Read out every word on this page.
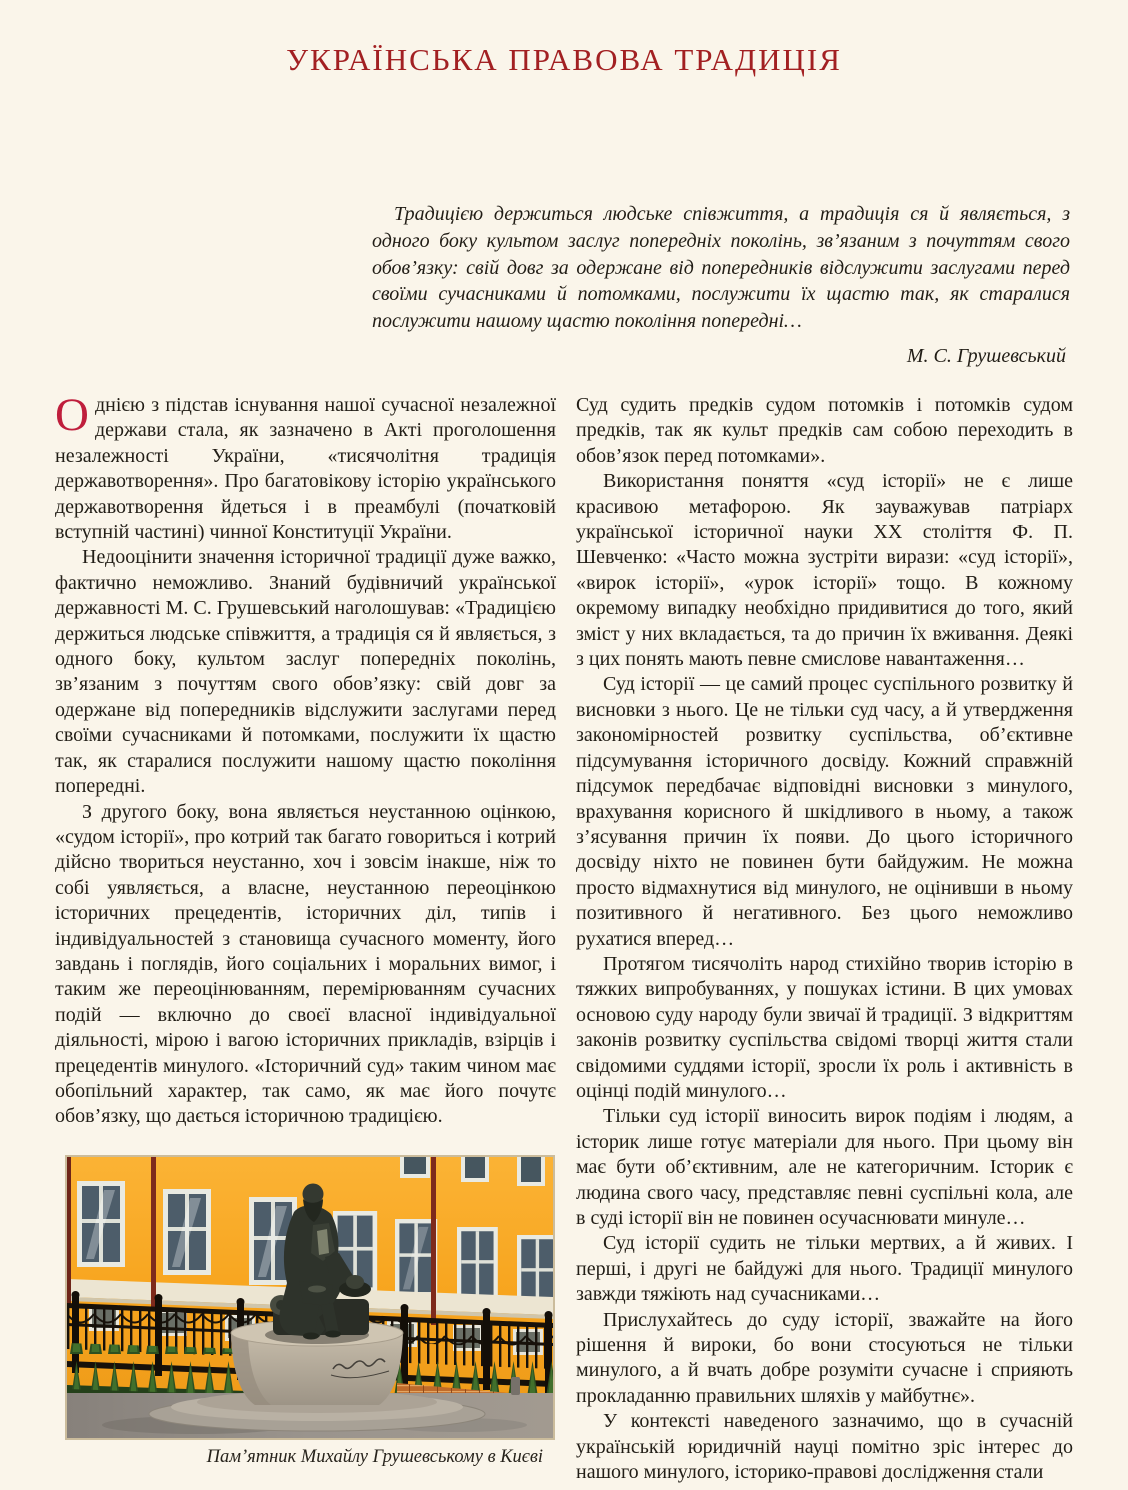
УКРАЇНСЬКА ПРАВОВА ТРАДИЦІЯ

Традицією держиться людське співжиття, а традиція ся й являється, з одного боку культом заслуг попередніх поколінь, зв’язаним з почуттям свого обов’язку: свій довг за одержане від попередників відслужити заслугами перед своїми сучасниками й потомками, послужити їх щастю так, як старалися послужити нашому щастю покоління попередні…

М. С. Грушевський

Однією з підстав існування нашої сучасної незалежної держави стала, як зазначено в Акті проголошення незалежності України, «тисячолітня традиція державотворення». Про багатовікову історію українського державотворення йдеться і в преамбулі (початковій вступній частині) чинної Конституції України.

Недооцінити значення історичної традиції дуже важко, фактично неможливо. Знаний будівничий української державності М. С. Грушевський наголошував: «Традицією держиться людське співжиття, а традиція ся й являється, з одного боку, культом заслуг попередніх поколінь, зв’язаним з почуттям свого обов’язку: свій довг за одержане від попередників відслужити заслугами перед своїми сучасниками й потомками, послужити їх щастю так, як старалися послужити нашому щастю покоління попередні.

З другого боку, вона являється неустанною оцінкою, «судом історії», про котрий так багато говориться і котрий дійсно твориться неустанно, хоч і зовсім інакше, ніж то собі уявляється, а власне, неустанною переоцінкою історичних прецедентів, історичних діл, типів і індивідуальностей з становища сучасного моменту, його завдань і поглядів, його соціальних і моральних вимог, і таким же переоцінюванням, перемірюванням сучасних подій — включно до своєї власної індивідуальної діяльності, мірою і вагою історичних прикладів, взірців і прецедентів минулого. «Історичний суд» таким чином має обопільний характер, так само, як має його почутє обов’язку, що дається історичною традицією.

Суд судить предків судом потомків і потомків судом предків, так як культ предків сам собою переходить в обов’язок перед потомками».

Використання поняття «суд історії» не є лише красивою метафорою. Як зауважував патріарх української історичної науки XX століття Ф. П. Шевченко: «Часто можна зустріти вирази: «суд історії», «вирок історії», «урок історії» тощо. В кожному окремому випадку необхідно придивитися до того, який зміст у них вкладається, та до причин їх вживання. Деякі з цих понять мають певне смислове навантаження…

Суд історії — це самий процес суспільного розвитку й висновки з нього. Це не тільки суд часу, а й утвердження закономірностей розвитку суспільства, об’єктивне підсумування історичного досвіду. Кожний справжній підсумок передбачає відповідні висновки з минулого, врахування корисного й шкідливого в ньому, а також з’ясування причин їх появи. До цього історичного досвіду ніхто не повинен бути байдужим. Не можна просто відмахнутися від минулого, не оцінивши в ньому позитивного й негативного. Без цього неможливо рухатися вперед…

Протягом тисячоліть народ стихійно творив історію в тяжких випробуваннях, у пошуках істини. В цих умовах основою суду народу були звичаї й традиції. З відкриттям законів розвитку суспільства свідомі творці життя стали свідомими суддями історії, зросли їх роль і активність в оцінці подій минулого…

Тільки суд історії виносить вирок подіям і людям, а історик лише готує матеріали для нього. При цьому він має бути об’єктивним, але не категоричним. Історик є людина свого часу, представляє певні суспільні кола, але в суді історії він не повинен осучаснювати минуле…

Суд історії судить не тільки мертвих, а й живих. І перші, і другі не байдужі для нього. Традиції минулого завжди тяжіють над сучасниками…

Прислухайтесь до суду історії, зважайте на його рішення й вироки, бо вони стосуються не тільки минулого, а й вчать добре розуміти сучасне і сприяють прокладанню правильних шляхів у майбутнє».

У контексті наведеного зазначимо, що в сучасній українській юридичній науці помітно зріс інтерес до нашого минулого, історико-правові дослідження стали

Пам’ятник Михайлу Грушевському в Києві
